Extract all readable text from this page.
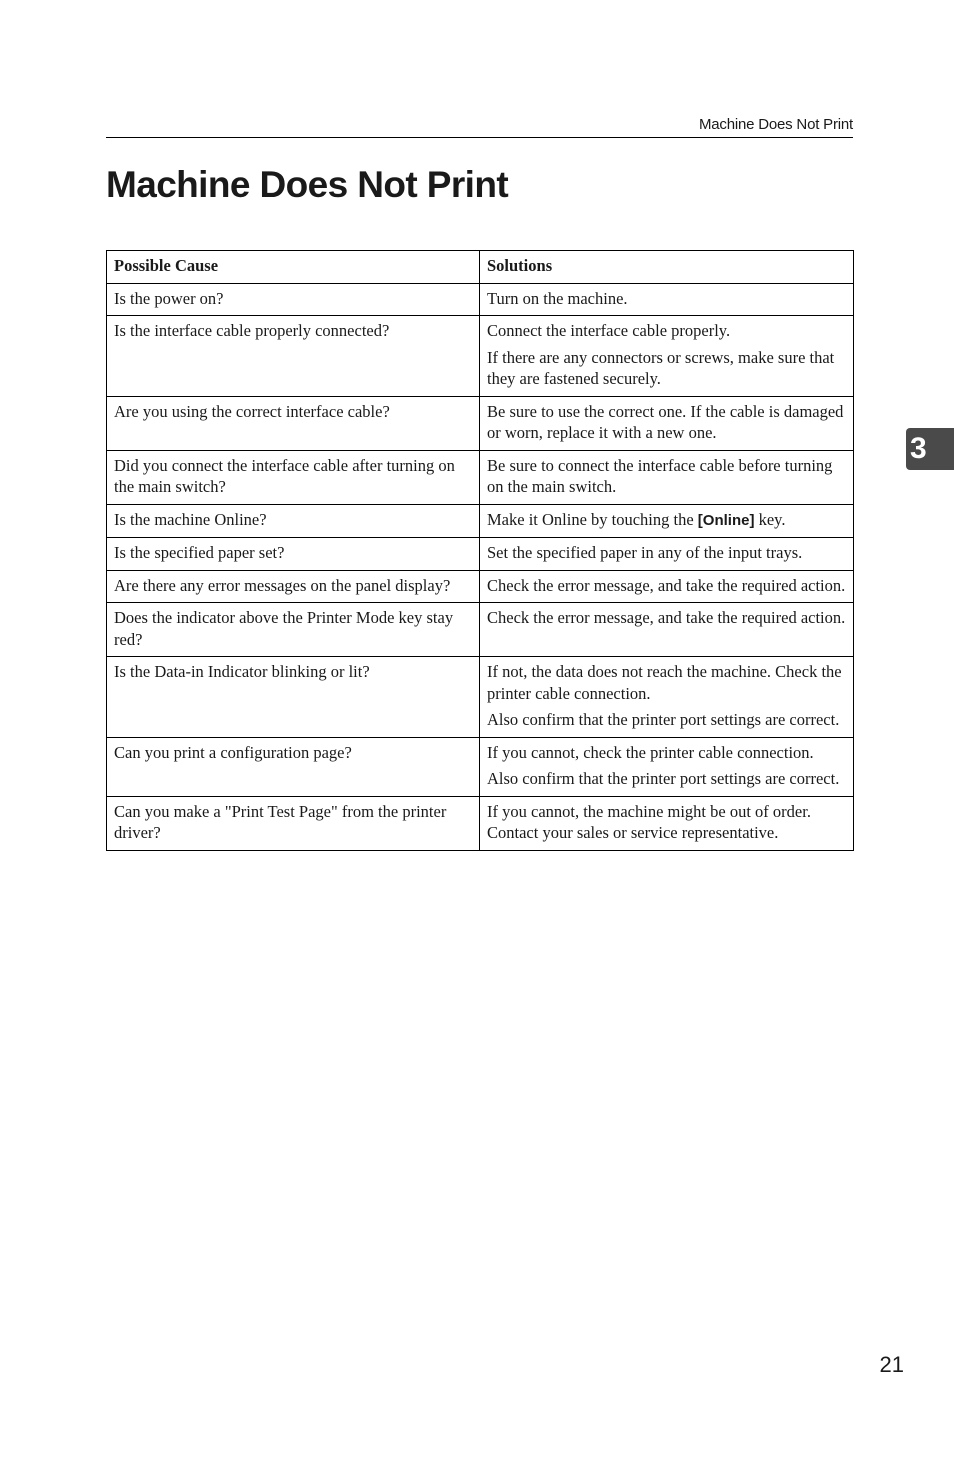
Machine Does Not Print
Machine Does Not Print
3
Possible Cause	Solutions
Is the power on?	Turn on the machine.

Is the interface cable properly connected?	Connect the interface cable properly.

If there are any connectors or screws, make sure that they are fastened securely.

Are you using the correct interface cable?	Be sure to use the correct one. If the cable is damaged or worn, replace it with a new one.

Did you connect the interface cable after turning on the main switch?	Be sure to connect the interface cable before turning on the main switch.

Is the machine Online?	Make it Online by touching the [Online] key.

Is the specified paper set?	Set the specified paper in any of the input trays.

Are there any error messages on the panel display?	Check the error message, and take the required action.

Does the indicator above the Printer Mode key stay red?	Check the error message, and take the required action.

Is the Data-in Indicator blinking or lit?	If not, the data does not reach the machine. Check the printer cable connection.

Also confirm that the printer port settings are correct.

Can you print a configuration page?	If you cannot, check the printer cable connection.

Also confirm that the printer port settings are correct.

Can you make a "Print Test Page" from the printer driver?	If you cannot, the machine might be out of order. Contact your sales or service representative.

21
